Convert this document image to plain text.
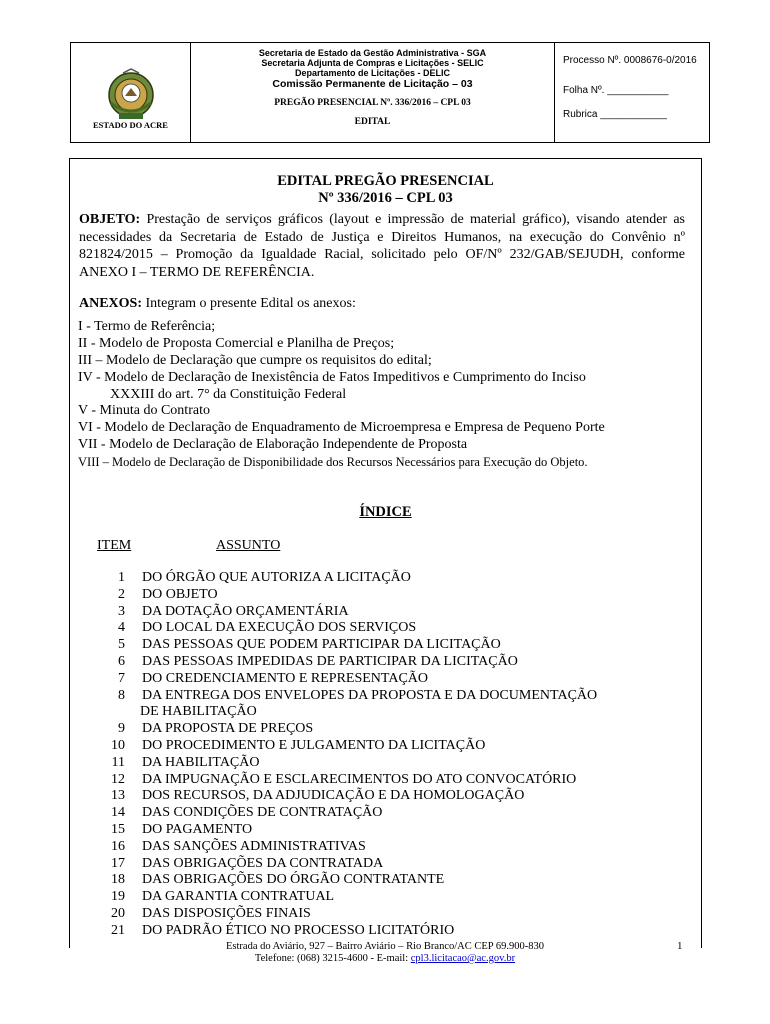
ESTADO DO ACRE
Secretaria de Estado da Gestão Administrativa - SGA
Secretaria Adjunta de Compras e Licitações - SELIC
Departamento de Licitações - DELIC
Comissão Permanente de Licitação – 03
PREGÃO PRESENCIAL Nº. 336/2016 – CPL 03
EDITAL
Processo Nº. 0008676-0/2016
Folha Nº. ___________
Rubrica ____________
EDITAL PREGÃO PRESENCIAL
Nº 336/2016 – CPL 03
OBJETO: Prestação de serviços gráficos (layout e impressão de material gráfico), visando atender as necessidades da Secretaria de Estado de Justiça e Direitos Humanos, na execução do Convênio nº 821824/2015 – Promoção da Igualdade Racial, solicitado pelo OF/Nº 232/GAB/SEJUDH, conforme ANEXO I – TERMO DE REFERÊNCIA.
ANEXOS: Integram o presente Edital os anexos:
I - Termo de Referência;
II - Modelo de Proposta Comercial e Planilha de Preços;
III – Modelo de Declaração que cumpre os requisitos do edital;
IV - Modelo de Declaração de Inexistência de Fatos Impeditivos e Cumprimento do Inciso
XXXIII do art. 7° da Constituição Federal
V - Minuta do Contrato
VI - Modelo de Declaração de Enquadramento de Microempresa e Empresa de Pequeno Porte
VII - Modelo de Declaração de Elaboração Independente de Proposta
VIII – Modelo de Declaração de Disponibilidade dos Recursos Necessários para Execução do Objeto.
ÍNDICE
ITEM	ASSUNTO
1 DO ÓRGÃO QUE AUTORIZA A LICITAÇÃO
2 DO OBJETO
3 DA DOTAÇÃO ORÇAMENTÁRIA
4 DO LOCAL DA EXECUÇÃO DOS SERVIÇOS
5 DAS PESSOAS QUE PODEM PARTICIPAR DA LICITAÇÃO
6 DAS PESSOAS IMPEDIDAS DE PARTICIPAR DA LICITAÇÃO
7 DO CREDENCIAMENTO E REPRESENTAÇÃO
8 DA ENTREGA DOS ENVELOPES DA PROPOSTA E DA DOCUMENTAÇÃO
DE HABILITAÇÃO
9 DA PROPOSTA DE PREÇOS
10 DO PROCEDIMENTO E JULGAMENTO DA LICITAÇÃO
11 DA HABILITAÇÃO
12 DA IMPUGNAÇÃO E ESCLARECIMENTOS DO ATO CONVOCATÓRIO
13 DOS RECURSOS, DA ADJUDICAÇÃO E DA HOMOLOGAÇÃO
14 DAS CONDIÇÕES DE CONTRATAÇÃO
15 DO PAGAMENTO
16 DAS SANÇÕES ADMINISTRATIVAS
17 DAS OBRIGAÇÕES DA CONTRATADA
18 DAS OBRIGAÇÕES DO ÓRGÃO CONTRATANTE
19 DA GARANTIA CONTRATUAL
20 DAS DISPOSIÇÕES FINAIS
21 DO PADRÃO ÉTICO NO PROCESSO LICITATÓRIO
Estrada do Aviário, 927 – Bairro Aviário – Rio Branco/AC CEP 69.900-830
Telefone: (068) 3215-4600 - E-mail: cpl3.licitacao@ac.gov.br
1
